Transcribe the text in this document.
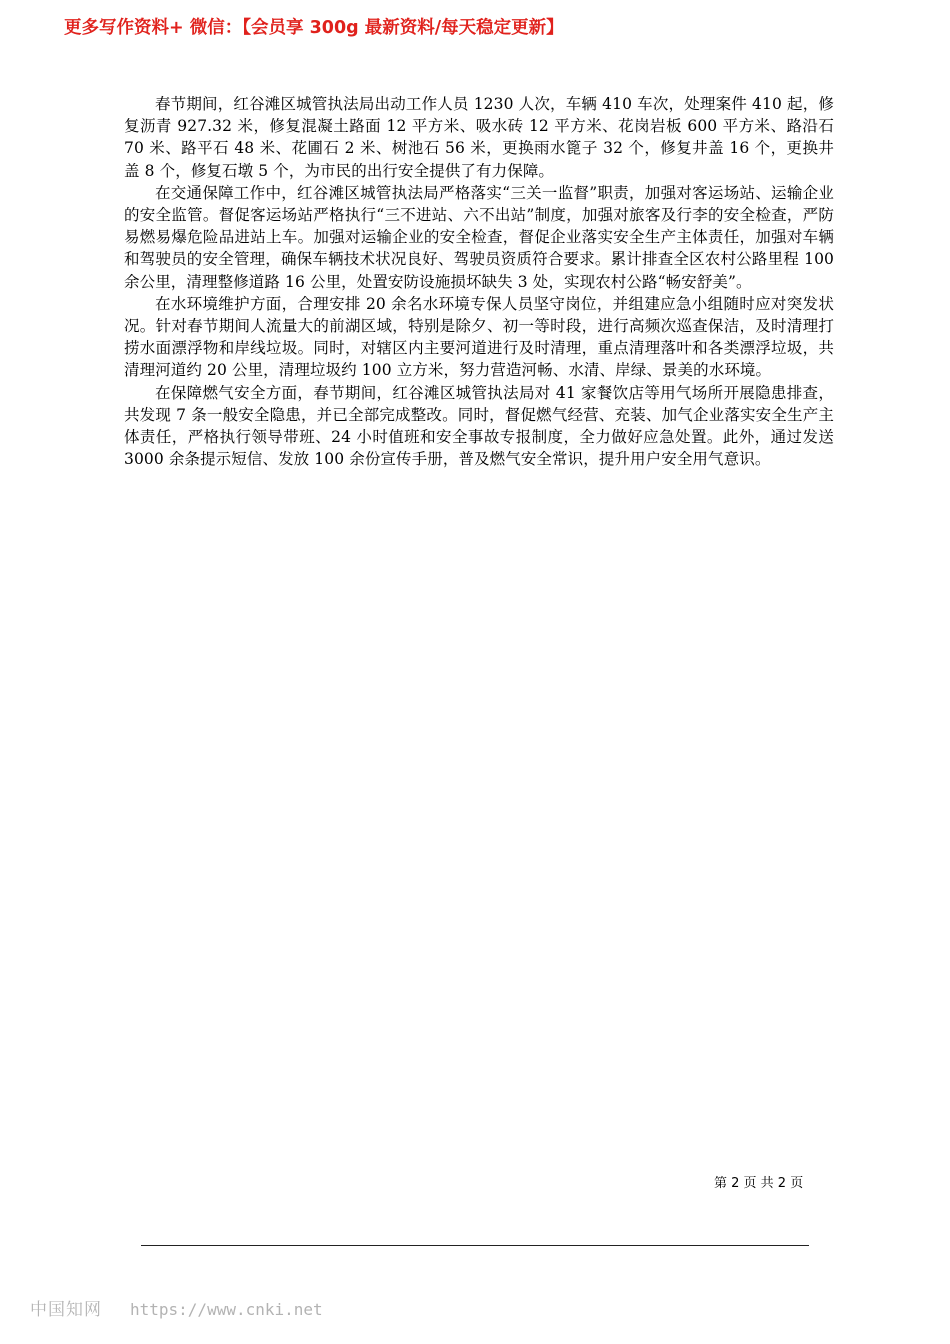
更多写作资料+ 微信：【会员享 300g 最新资料/每天稳定更新】

春节期间，红谷滩区城管执法局出动工作人员 1230 人次，车辆 410 车次，处理案件 410 起，修复沥青 927.32 米，修复混凝土路面 12 平方米、吸水砖 12 平方米、花岗岩板 600 平方米、路沿石 70 米、路平石 48 米、花圃石 2 米、树池石 56 米，更换雨水篦子 32 个，修复井盖 16 个，更换井盖 8 个，修复石墩 5 个，为市民的出行安全提供了有力保障。

在交通保障工作中，红谷滩区城管执法局严格落实“三关一监督”职责，加强对客运场站、运输企业的安全监管。督促客运场站严格执行“三不进站、六不出站”制度，加强对旅客及行李的安全检查，严防易燃易爆危险品进站上车。加强对运输企业的安全检查，督促企业落实安全生产主体责任，加强对车辆和驾驶员的安全管理，确保车辆技术状况良好、驾驶员资质符合要求。累计排查全区农村公路里程 100 余公里，清理整修道路 16 公里，处置安防设施损坏缺失 3 处，实现农村公路“畅安舒美”。

在水环境维护方面，合理安排 20 余名水环境专保人员坚守岗位，并组建应急小组随时应对突发状况。针对春节期间人流量大的前湖区域，特别是除夕、初一等时段，进行高频次巡查保洁，及时清理打捞水面漂浮物和岸线垃圾。同时，对辖区内主要河道进行及时清理，重点清理落叶和各类漂浮垃圾，共清理河道约 20 公里，清理垃圾约 100 立方米，努力营造河畅、水清、岸绿、景美的水环境。

在保障燃气安全方面，春节期间，红谷滩区城管执法局对 41 家餐饮店等用气场所开展隐患排查，共发现 7 条一般安全隐患，并已全部完成整改。同时，督促燃气经营、充装、加气企业落实安全生产主体责任，严格执行领导带班、24 小时值班和安全事故专报制度，全力做好应急处置。此外，通过发送 3000 余条提示短信、发放 100 余份宣传手册，普及燃气安全常识，提升用户安全用气意识。

第 2 页 共 2 页
中国知网 https://www.cnki.net
